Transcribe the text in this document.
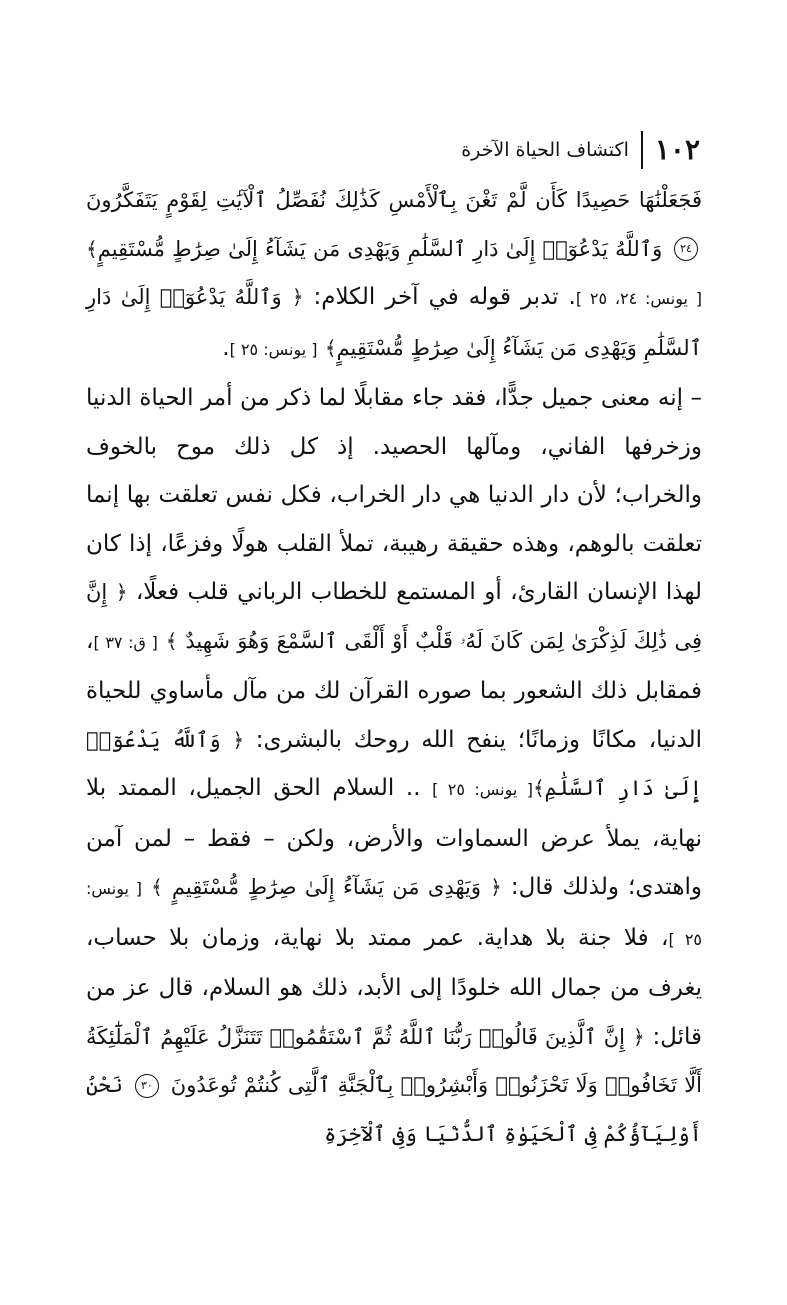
١٠٢
اكتشاف الحياة الآخرة

فَجَعَلْنَٰهَا حَصِيدًا كَأَن لَّمْ تَغْنَ بِٱلْأَمْسِ كَذَٰلِكَ نُفَصِّلُ ٱلْآيَٰتِ لِقَوْمٍ يَتَفَكَّرُونَ٢٤ وَٱللَّهُ يَدْعُوٓا۟ إِلَىٰ دَارِ ٱلسَّلَٰمِ وَيَهْدِى مَن يَشَآءُ إِلَىٰ صِرَٰطٍ مُّسْتَقِيمٍ﴾[ يونس: ٢٤، ٢٥ ]. تدبر قوله في آخر الكلام: ﴿ وَٱللَّهُ يَدْعُوٓا۟ إِلَىٰ دَارِ ٱلسَّلَٰمِ وَيَهْدِى مَن يَشَآءُ إِلَىٰ صِرَٰطٍ مُّسْتَقِيمٍ﴾ [ يونس: ٢٥ ].

– إنه معنى جميل جدًّا، فقد جاء مقابلًا لما ذكر من أمر الحياة الدنيا وزخرفها الفاني، ومآلها الحصيد. إذ كل ذلك موح بالخوف والخراب؛ لأن دار الدنيا هي دار الخراب، فكل نفس تعلقت بها إنما تعلقت بالوهم، وهذه حقيقة رهيبة، تملأ القلب هولًا وفزعًا، إذا كان لهذا الإنسان القارئ، أو المستمع للخطاب الرباني قلب فعلًا، ﴿ إِنَّ فِى ذَٰلِكَ لَذِكْرَىٰ لِمَن كَانَ لَهُۥ قَلْبٌ أَوْ أَلْقَى ٱلسَّمْعَ وَهُوَ شَهِيدٌ ﴾ [ ق: ٣٧ ]، فمقابل ذلك الشعور بما صوره القرآن لك من مآل مأساوي للحياة الدنيا، مكانًا وزمانًا؛ ينفح الله روحك بالبشرى: ﴿ وَٱللَّهُ يَدْعُوٓا۟ إِلَىٰ دَارِ ٱلسَّلَٰمِ﴾[ يونس: ٢٥ ] .. السلام الحق الجميل، الممتد بلا نهاية، يملأ عرض السماوات والأرض، ولكن – فقط – لمن آمن واهتدى؛ ولذلك قال: ﴿ وَيَهْدِى مَن يَشَآءُ إِلَىٰ صِرَٰطٍ مُّسْتَقِيمٍ ﴾ [ يونس: ٢٥ ]، فلا جنة بلا هداية. عمر ممتد بلا نهاية، وزمان بلا حساب، يغرف من جمال الله خلودًا إلى الأبد، ذلك هو السلام، قال عز من قائل: ﴿ إِنَّ ٱلَّذِينَ قَالُوا۟ رَبُّنَا ٱللَّهُ ثُمَّ ٱسْتَقَٰمُوا۟ تَتَنَزَّلُ عَلَيْهِمُ ٱلْمَلَٰٓئِكَةُ أَلَّا تَخَافُوا۟ وَلَا تَحْزَنُوا۟ وَأَبْشِرُوا۟ بِٱلْجَنَّةِ ٱلَّتِى كُنتُمْ تُوعَدُونَ ٣٠ نَحْنُ أَوْلِيَآؤُكُمْ فِى ٱلْحَيَوٰةِ ٱلدُّنْيَا وَفِى ٱلْآخِرَةِ
